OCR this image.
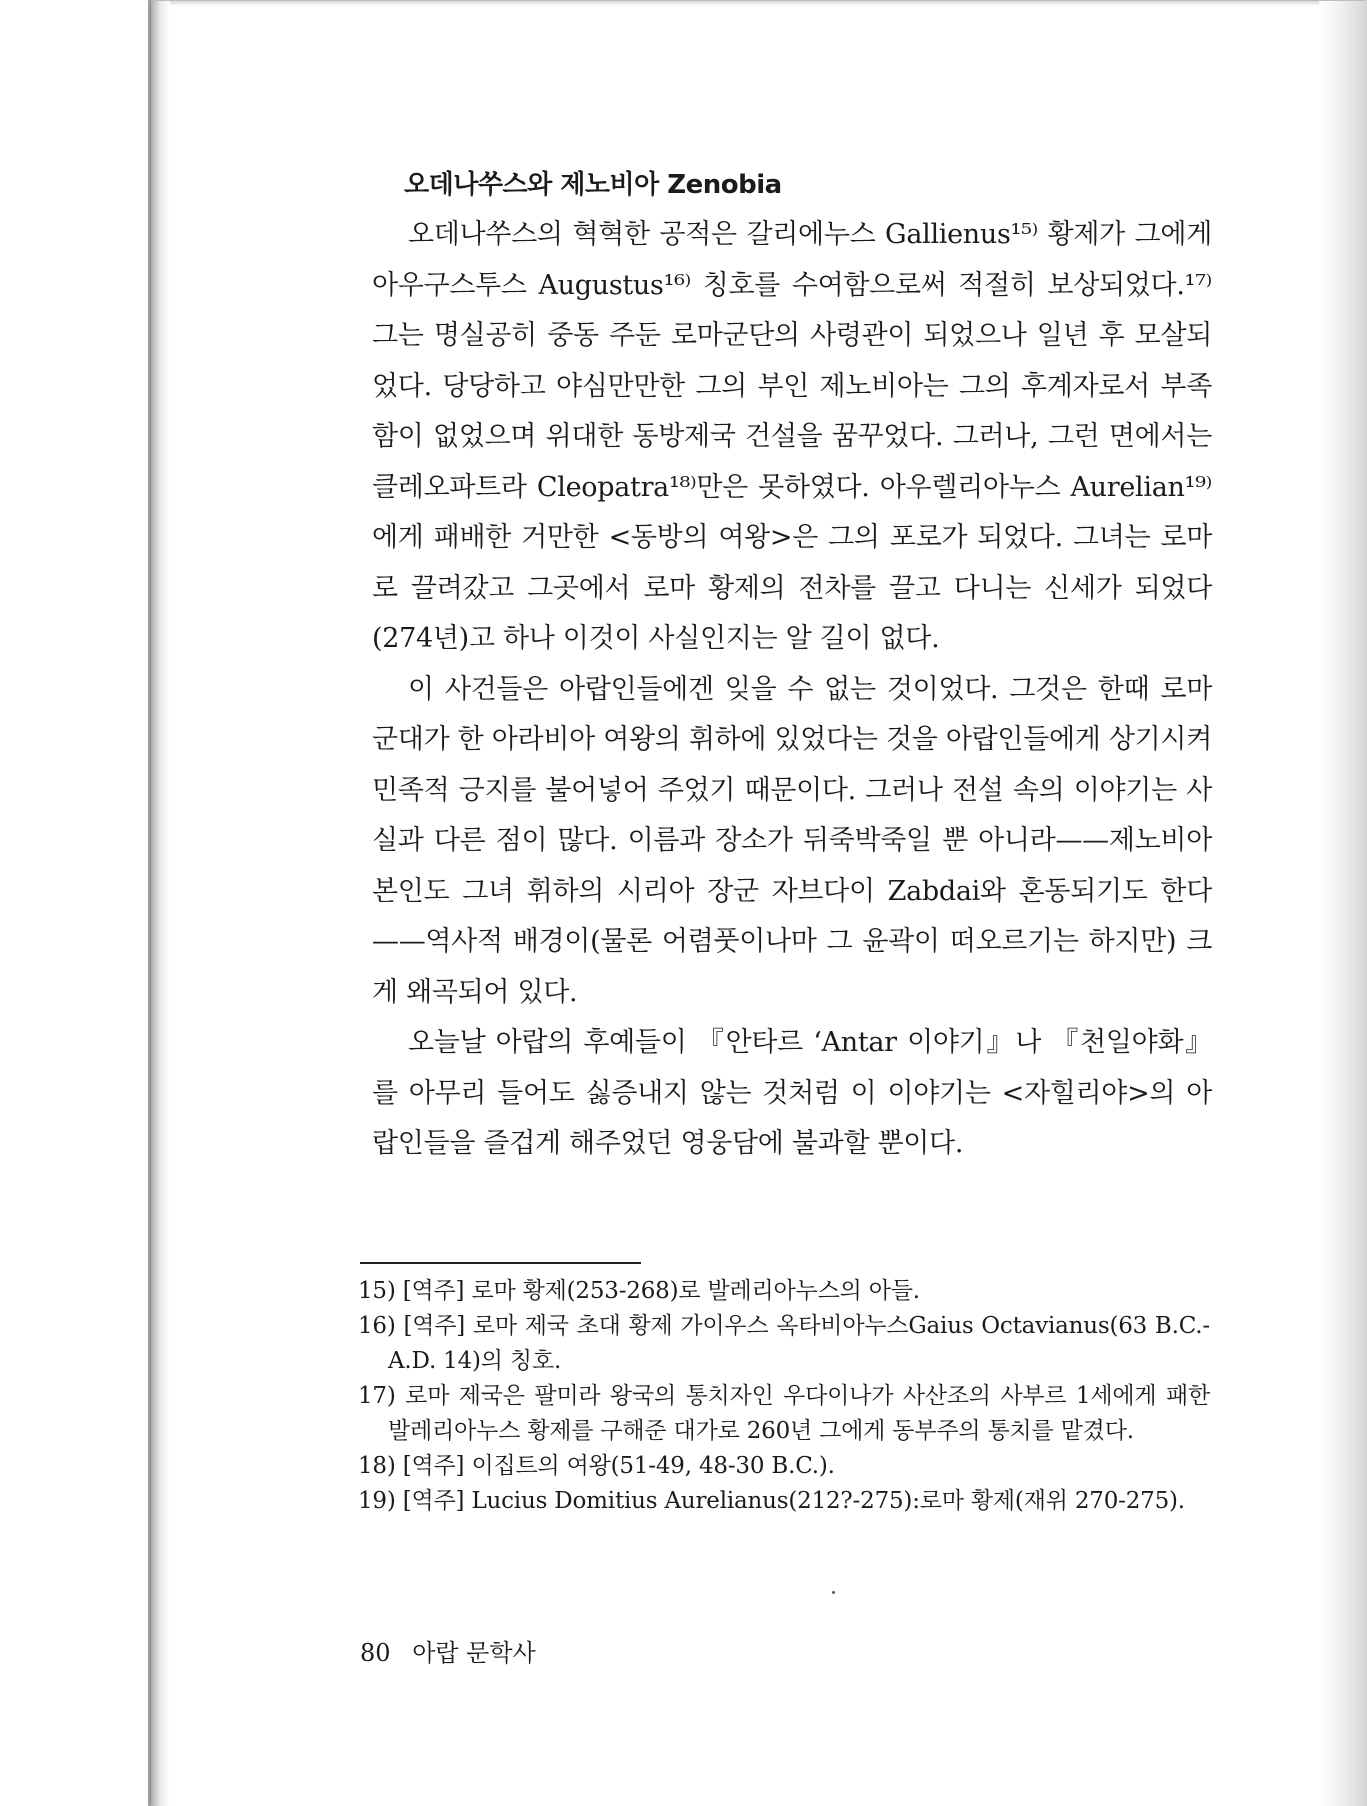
오데나쑤스와 제노비아 Zenobia

오데나쑤스의 혁혁한 공적은 갈리에누스 Gallienus¹⁵⁾ 황제가 그에게 아우구스투스 Augustus¹⁶⁾ 칭호를 수여함으로써 적절히 보상되었다.¹⁷⁾ 그는 명실공히 중동 주둔 로마군단의 사령관이 되었으나 일년 후 모살되었다. 당당하고 야심만만한 그의 부인 제노비아는 그의 후계자로서 부족함이 없었으며 위대한 동방제국 건설을 꿈꾸었다. 그러나, 그런 면에서는 클레오파트라 Cleopatra¹⁸⁾만은 못하였다. 아우렐리아누스 Aurelian¹⁹⁾에게 패배한 거만한 <동방의 여왕>은 그의 포로가 되었다. 그녀는 로마로 끌려갔고 그곳에서 로마 황제의 전차를 끌고 다니는 신세가 되었다(274년)고 하나 이것이 사실인지는 알 길이 없다.

이 사건들은 아랍인들에겐 잊을 수 없는 것이었다. 그것은 한때 로마 군대가 한 아라비아 여왕의 휘하에 있었다는 것을 아랍인들에게 상기시켜 민족적 긍지를 불어넣어 주었기 때문이다. 그러나 전설 속의 이야기는 사실과 다른 점이 많다. 이름과 장소가 뒤죽박죽일 뿐 아니라——제노비아 본인도 그녀 휘하의 시리아 장군 자브다이 Zabdai와 혼동되기도 한다——역사적 배경이(물론 어렴풋이나마 그 윤곽이 떠오르기는 하지만) 크게 왜곡되어 있다.

오늘날 아랍의 후예들이 『안타르 ‘Antar 이야기』나 『천일야화』를 아무리 들어도 싫증내지 않는 것처럼 이 이야기는 <자힐리야>의 아랍인들을 즐겁게 해주었던 영웅담에 불과할 뿐이다.

15) [역주] 로마 황제(253-268)로 발레리아누스의 아들.

16) [역주] 로마 제국 초대 황제 가이우스 옥타비아누스Gaius Octavianus(63 B.C.-A.D. 14)의 칭호.

17) 로마 제국은 팔미라 왕국의 통치자인 우다이나가 사산조의 사부르 1세에게 패한 발레리아누스 황제를 구해준 대가로 260년 그에게 동부주의 통치를 맡겼다.

18) [역주] 이집트의 여왕(51-49, 48-30 B.C.).

19) [역주] Lucius Domitius Aurelianus(212?-275):로마 황제(재위 270-275).

80 아랍 문학사
